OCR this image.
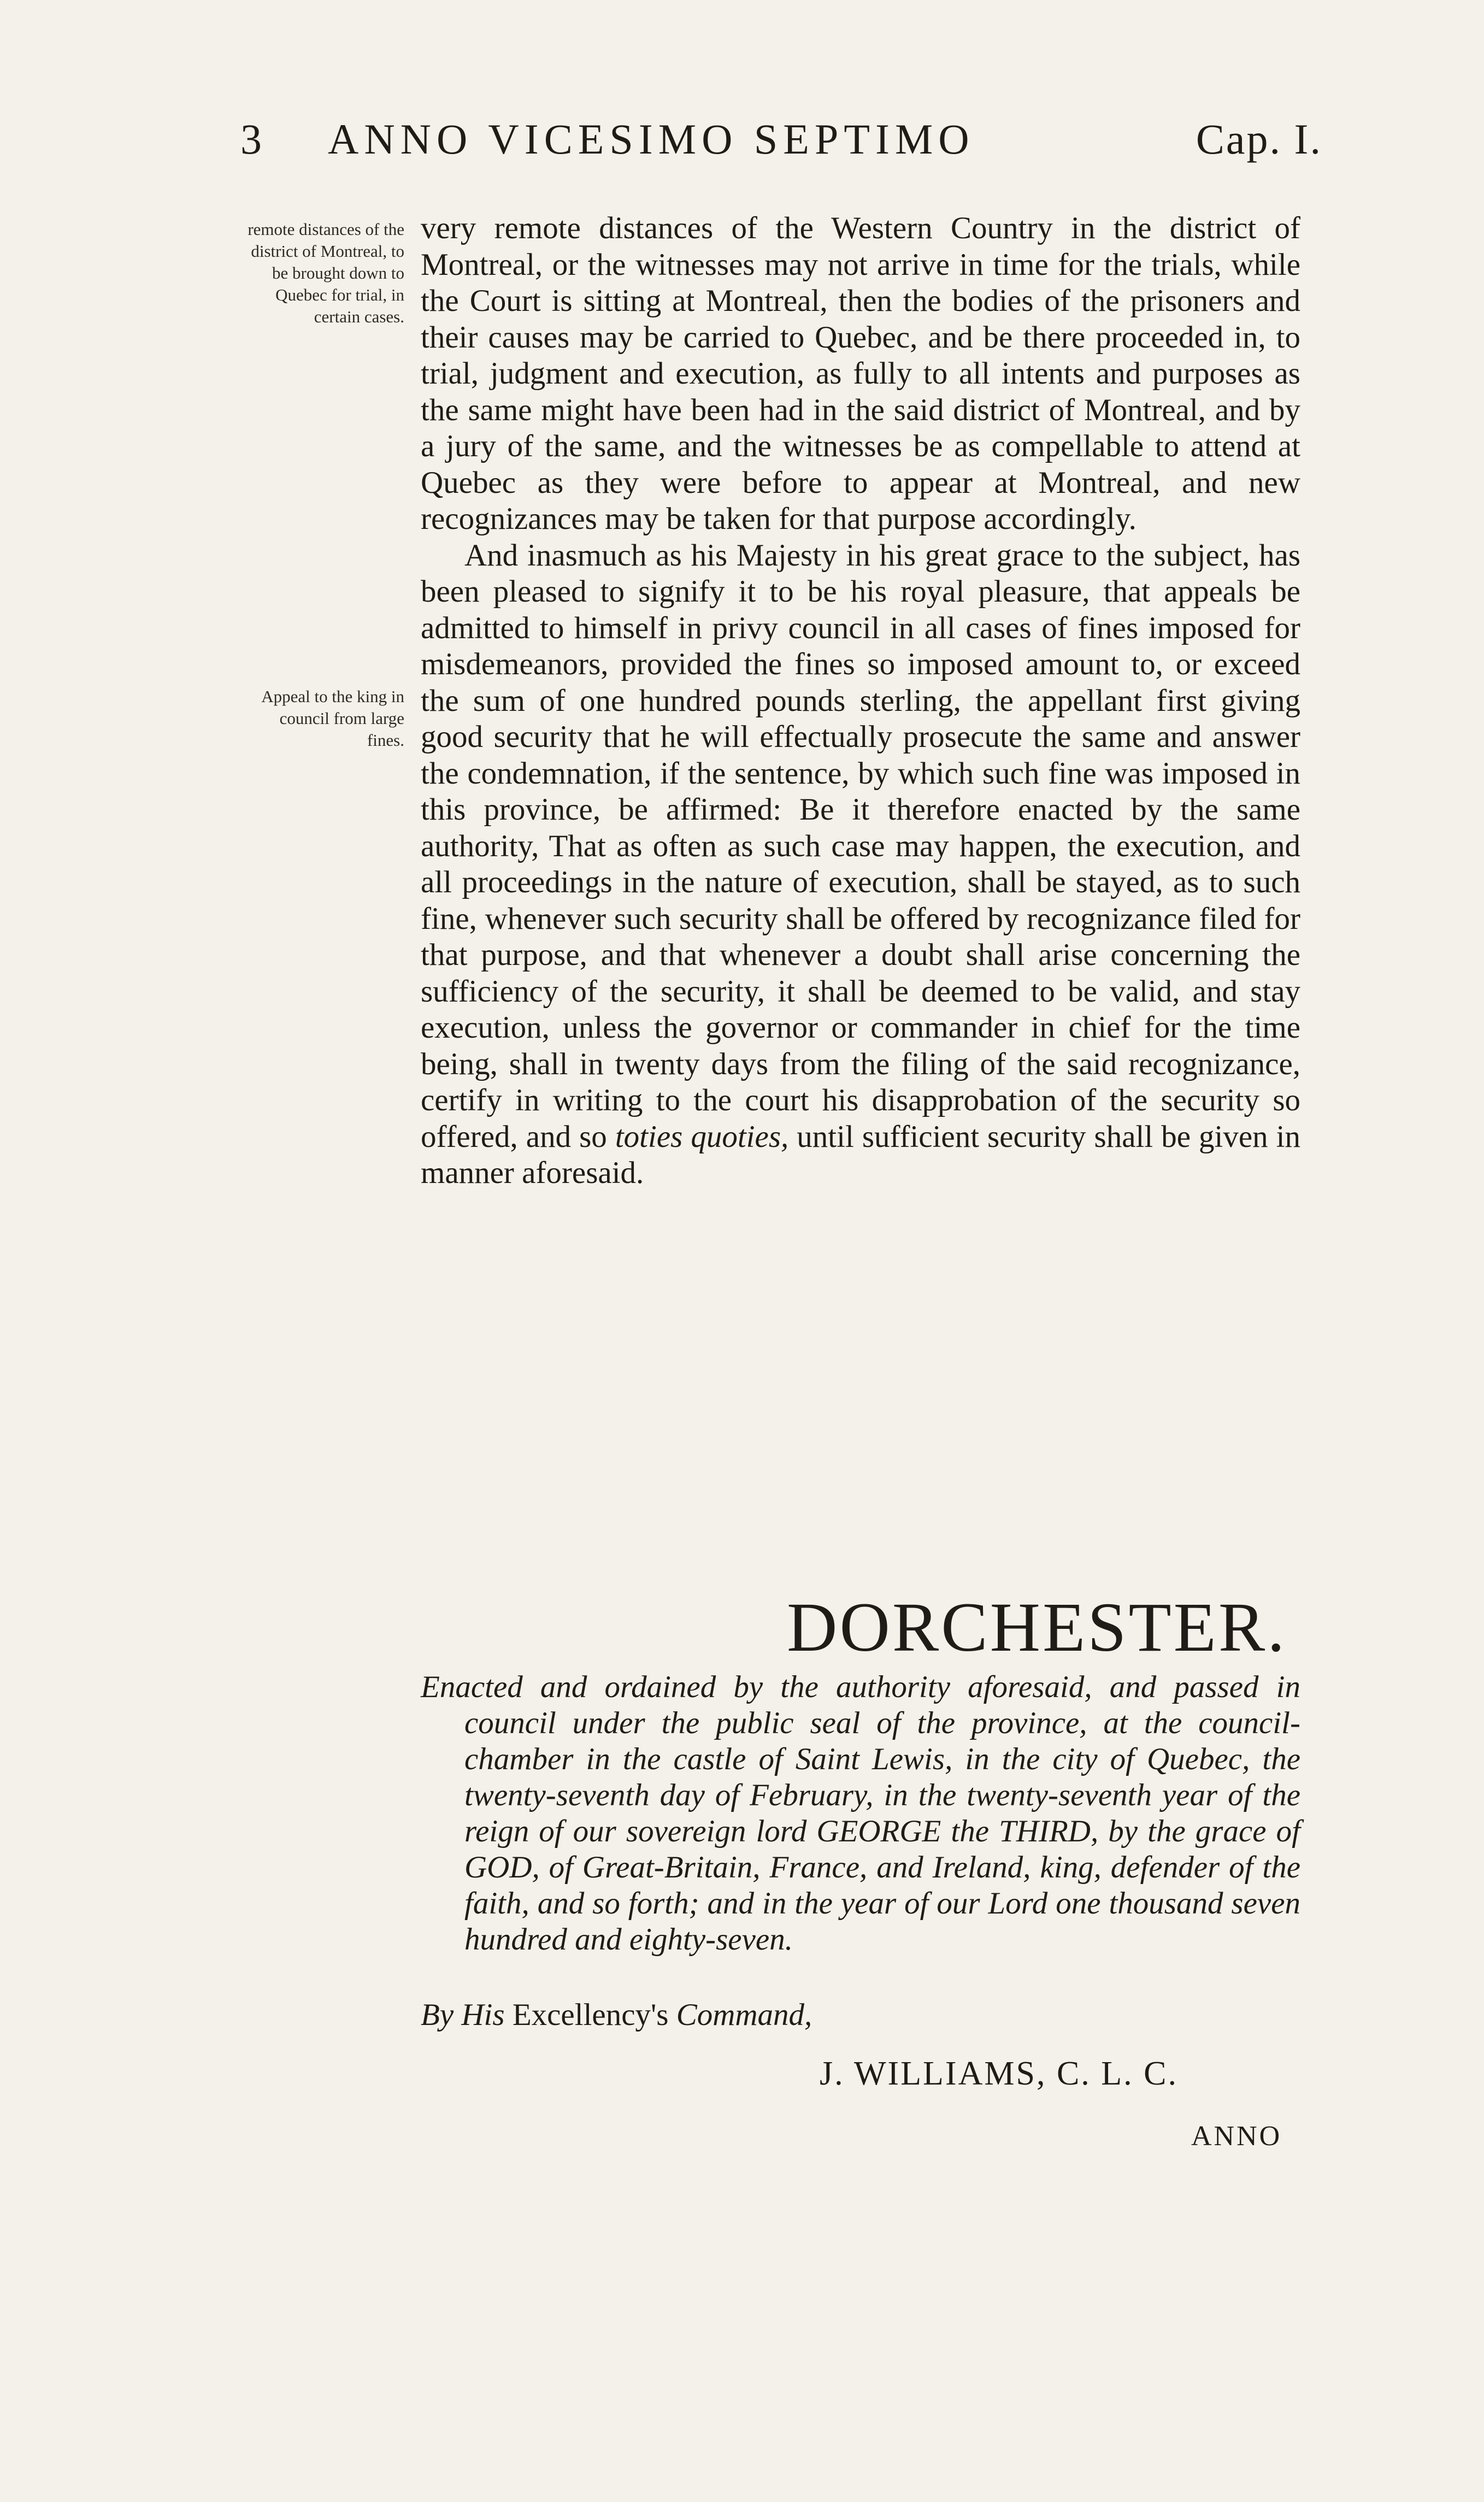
3	ANNO VICESIMO SEPTIMO	Cap. I.
remote distances of the district of Montreal, to be brought down to Quebec for trial, in certain cases.
Appeal to the king in council from large fines.

very remote distances of the Western Country in the district of Montreal, or the witnesses may not arrive in time for the trials, while the Court is sitting at Montreal, then the bodies of the prisoners and their causes may be carried to Quebec, and be there proceeded in, to trial, judgment and execution, as fully to all intents and purposes as the same might have been had in the said district of Montreal, and by a jury of the same, and the witnesses be as compellable to attend at Quebec as they were before to appear at Montreal, and new recognizances may be taken for that purpose accordingly.

And inasmuch as his Majesty in his great grace to the subject, has been pleased to signify it to be his royal pleasure, that appeals be admitted to himself in privy council in all cases of fines imposed for misdemeanors, provided the fines so imposed amount to, or exceed the sum of one hundred pounds sterling, the appellant first giving good security that he will effectually prosecute the same and answer the condemnation, if the sentence, by which such fine was imposed in this province, be affirmed: Be it therefore enacted by the same authority, That as often as such case may happen, the execution, and all proceedings in the nature of execution, shall be stayed, as to such fine, whenever such security shall be offered by recognizance filed for that purpose, and that whenever a doubt shall arise concerning the sufficiency of the security, it shall be deemed to be valid, and stay execution, unless the governor or commander in chief for the time being, shall in twenty days from the filing of the said recognizance, certify in writing to the court his disapprobation of the security so offered, and so toties quoties, until sufficient security shall be given in manner aforesaid.

DORCHESTER.
Enacted and ordained by the authority aforesaid, and passed in council under the public seal of the province, at the council-chamber in the castle of Saint Lewis, in the city of Quebec, the twenty-seventh day of February, in the twenty-seventh year of the reign of our sovereign lord GEORGE the THIRD, by the grace of GOD, of Great-Britain, France, and Ireland, king, defender of the faith, and so forth; and in the year of our Lord one thousand seven hundred and eighty-seven.
By His Excellency's Command,
J. WILLIAMS, C. L. C.
ANNO
